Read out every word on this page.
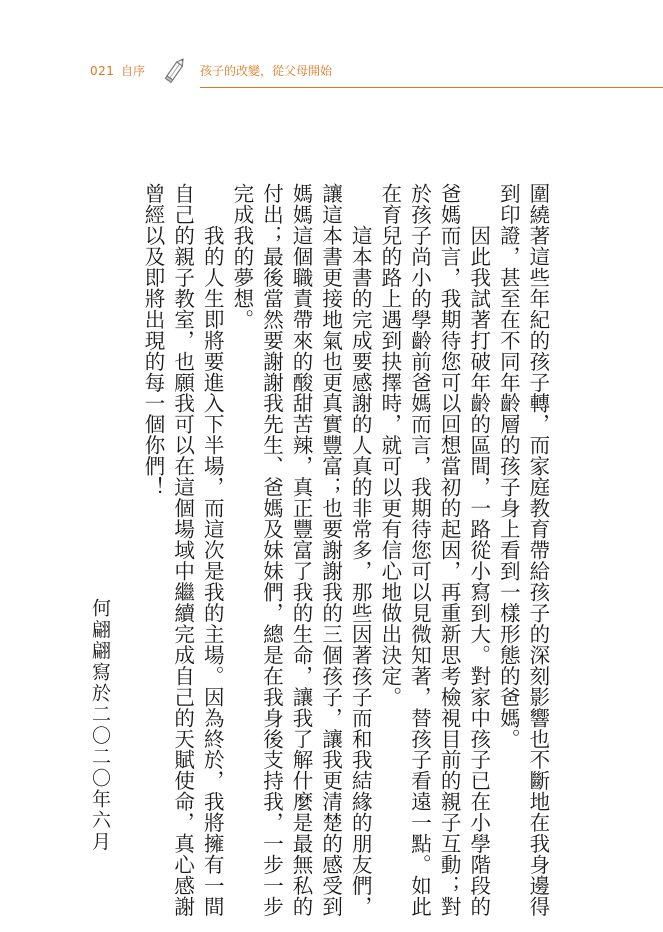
021 自序	孩子的改變，從父母開始
圍繞著這些年紀的孩子轉，而家庭教育帶給孩子的深刻影響也不斷地在我身邊得
到印證，甚至在不同年齡層的孩子身上看到一樣形態的爸媽。
　　因此我試著打破年齡的區間，一路從小寫到大。對家中孩子已在小學階段的
爸媽而言，我期待您可以回想當初的起因，再重新思考檢視目前的親子互動；對
於孩子尚小的學齡前爸媽而言，我期待您可以見微知著，替孩子看遠一點。如此
在育兒的路上遇到抉擇時，就可以更有信心地做出決定。
　　這本書的完成要感謝的人真的非常多，那些因著孩子而和我結緣的朋友們，
讓這本書更接地氣也更真實豐富；也要謝謝我的三個孩子，讓我更清楚的感受到
媽媽這個職責帶來的酸甜苦辣，真正豐富了我的生命，讓我了解什麼是最無私的
付出；最後當然要謝謝我先生、爸媽及妹妹們，總是在我身後支持我，一步一步
完成我的夢想。
　　我的人生即將要進入下半場，而這次是我的主場。因為終於，我將擁有一間
自己的親子教室，也願我可以在這個場域中繼續完成自己的天賦使命，真心感謝
曾經以及即將出現的每一個你們！
何翩翩寫於二〇二〇年六月
